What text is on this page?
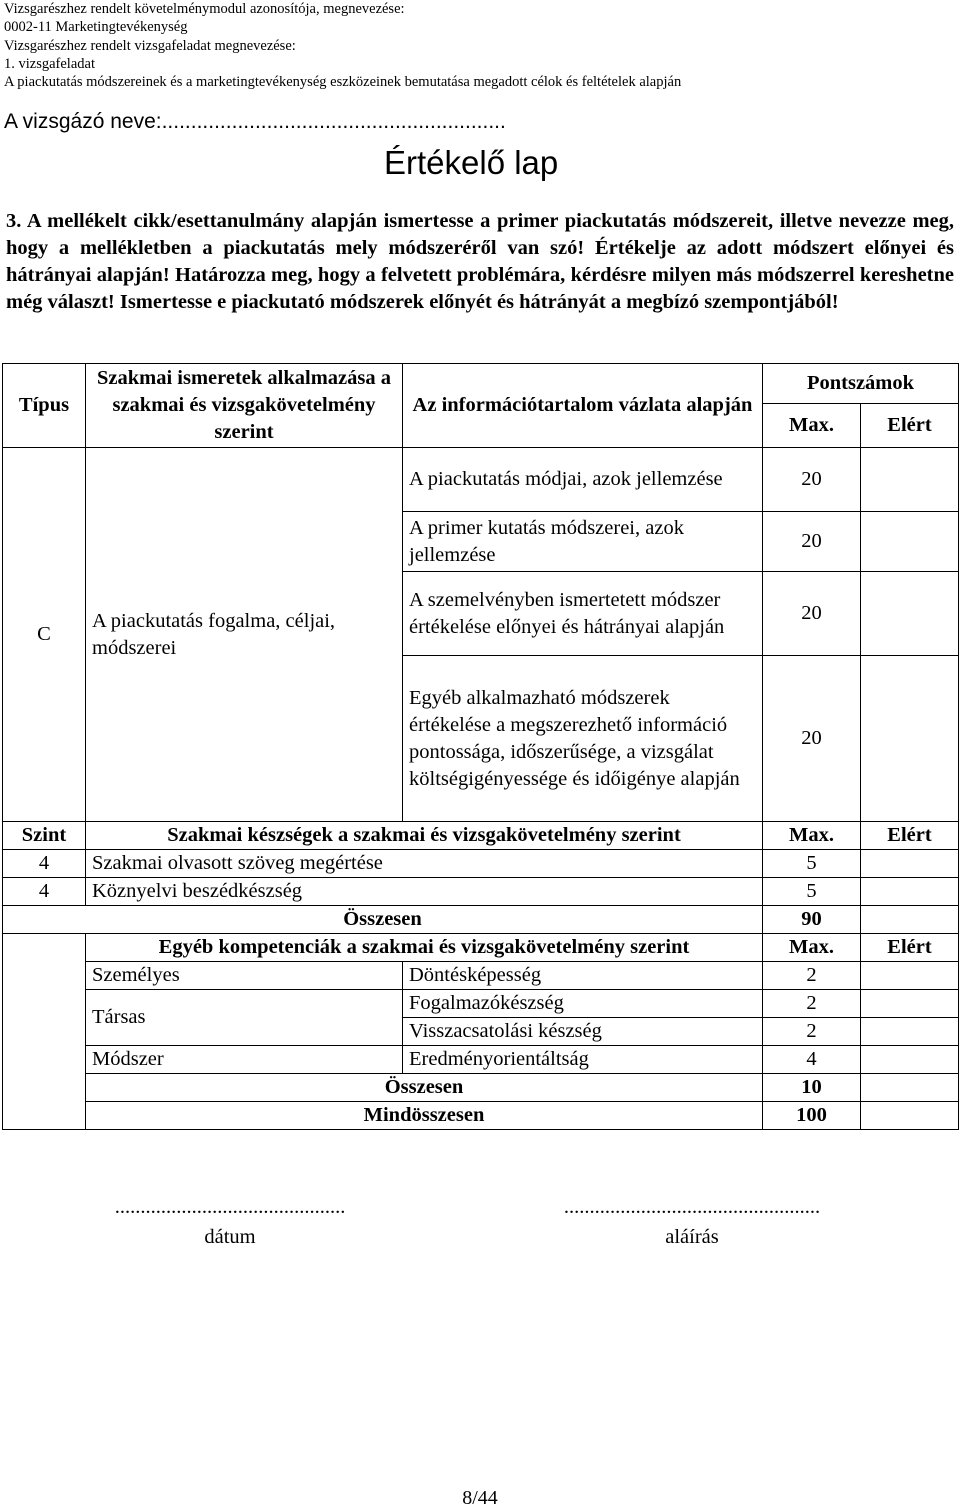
Vizsgarészhez rendelt követelménymodul azonosítója, megnevezése:
0002-11 Marketingtevékenység
Vizsgarészhez rendelt vizsgafeladat megnevezése:
1. vizsgafeladat
A piackutatás módszereinek és a marketingtevékenység eszközeinek bemutatása megadott célok és feltételek alapján
A vizsgázó neve:...........................................................
Értékelő lap
3. A mellékelt cikk/esettanulmány alapján ismertesse a primer piackutatás módszereit, illetve nevezze meg, hogy a mellékletben a piackutatás mely módszeréről van szó! Értékelje az adott módszert előnyei és hátrányai alapján! Határozza meg, hogy a felvetett problémára, kérdésre milyen más módszerrel kereshetne még választ! Ismertesse e piackutató módszerek előnyét és hátrányát a megbízó szempontjából!
Típus	Szakmai ismeretek alkalmazása a szakmai és vizsgakövetelmény szerint	Az információtartalom vázlata alapján	Pontszámok	
			Max.	Elért
C	A piackutatás fogalma, céljai, módszerei	A piackutatás módjai, azok jellemzése	20	
		A primer kutatás módszerei, azok jellemzése	20	
		A szemelvényben ismertetett módszer értékelése előnyei és hátrányai alapján	20	
		Egyéb alkalmazható módszerek értékelése a megszerezhető információ pontossága, időszerűsége, a vizsgálat költségigényessége és időigénye alapján	20	
Szint	Szakmai készségek a szakmai és vizsgakövetelmény szerint		Max.	Elért
4	Szakmai olvasott szöveg megértése		5	
4	Köznyelvi beszédkészség		5	
Összesen			90	
	Egyéb kompetenciák a szakmai és vizsgakövetelmény szerint		Max.	Elért
	Személyes	Döntésképesség	2	
	Társas	Fogalmazókészség	2	
		Visszacsatolási készség	2	
	Módszer	Eredményorientáltság	4	
	Összesen		10	
	Mindösszesen		100	
.............................................
dátum
..................................................
aláírás
8/44
